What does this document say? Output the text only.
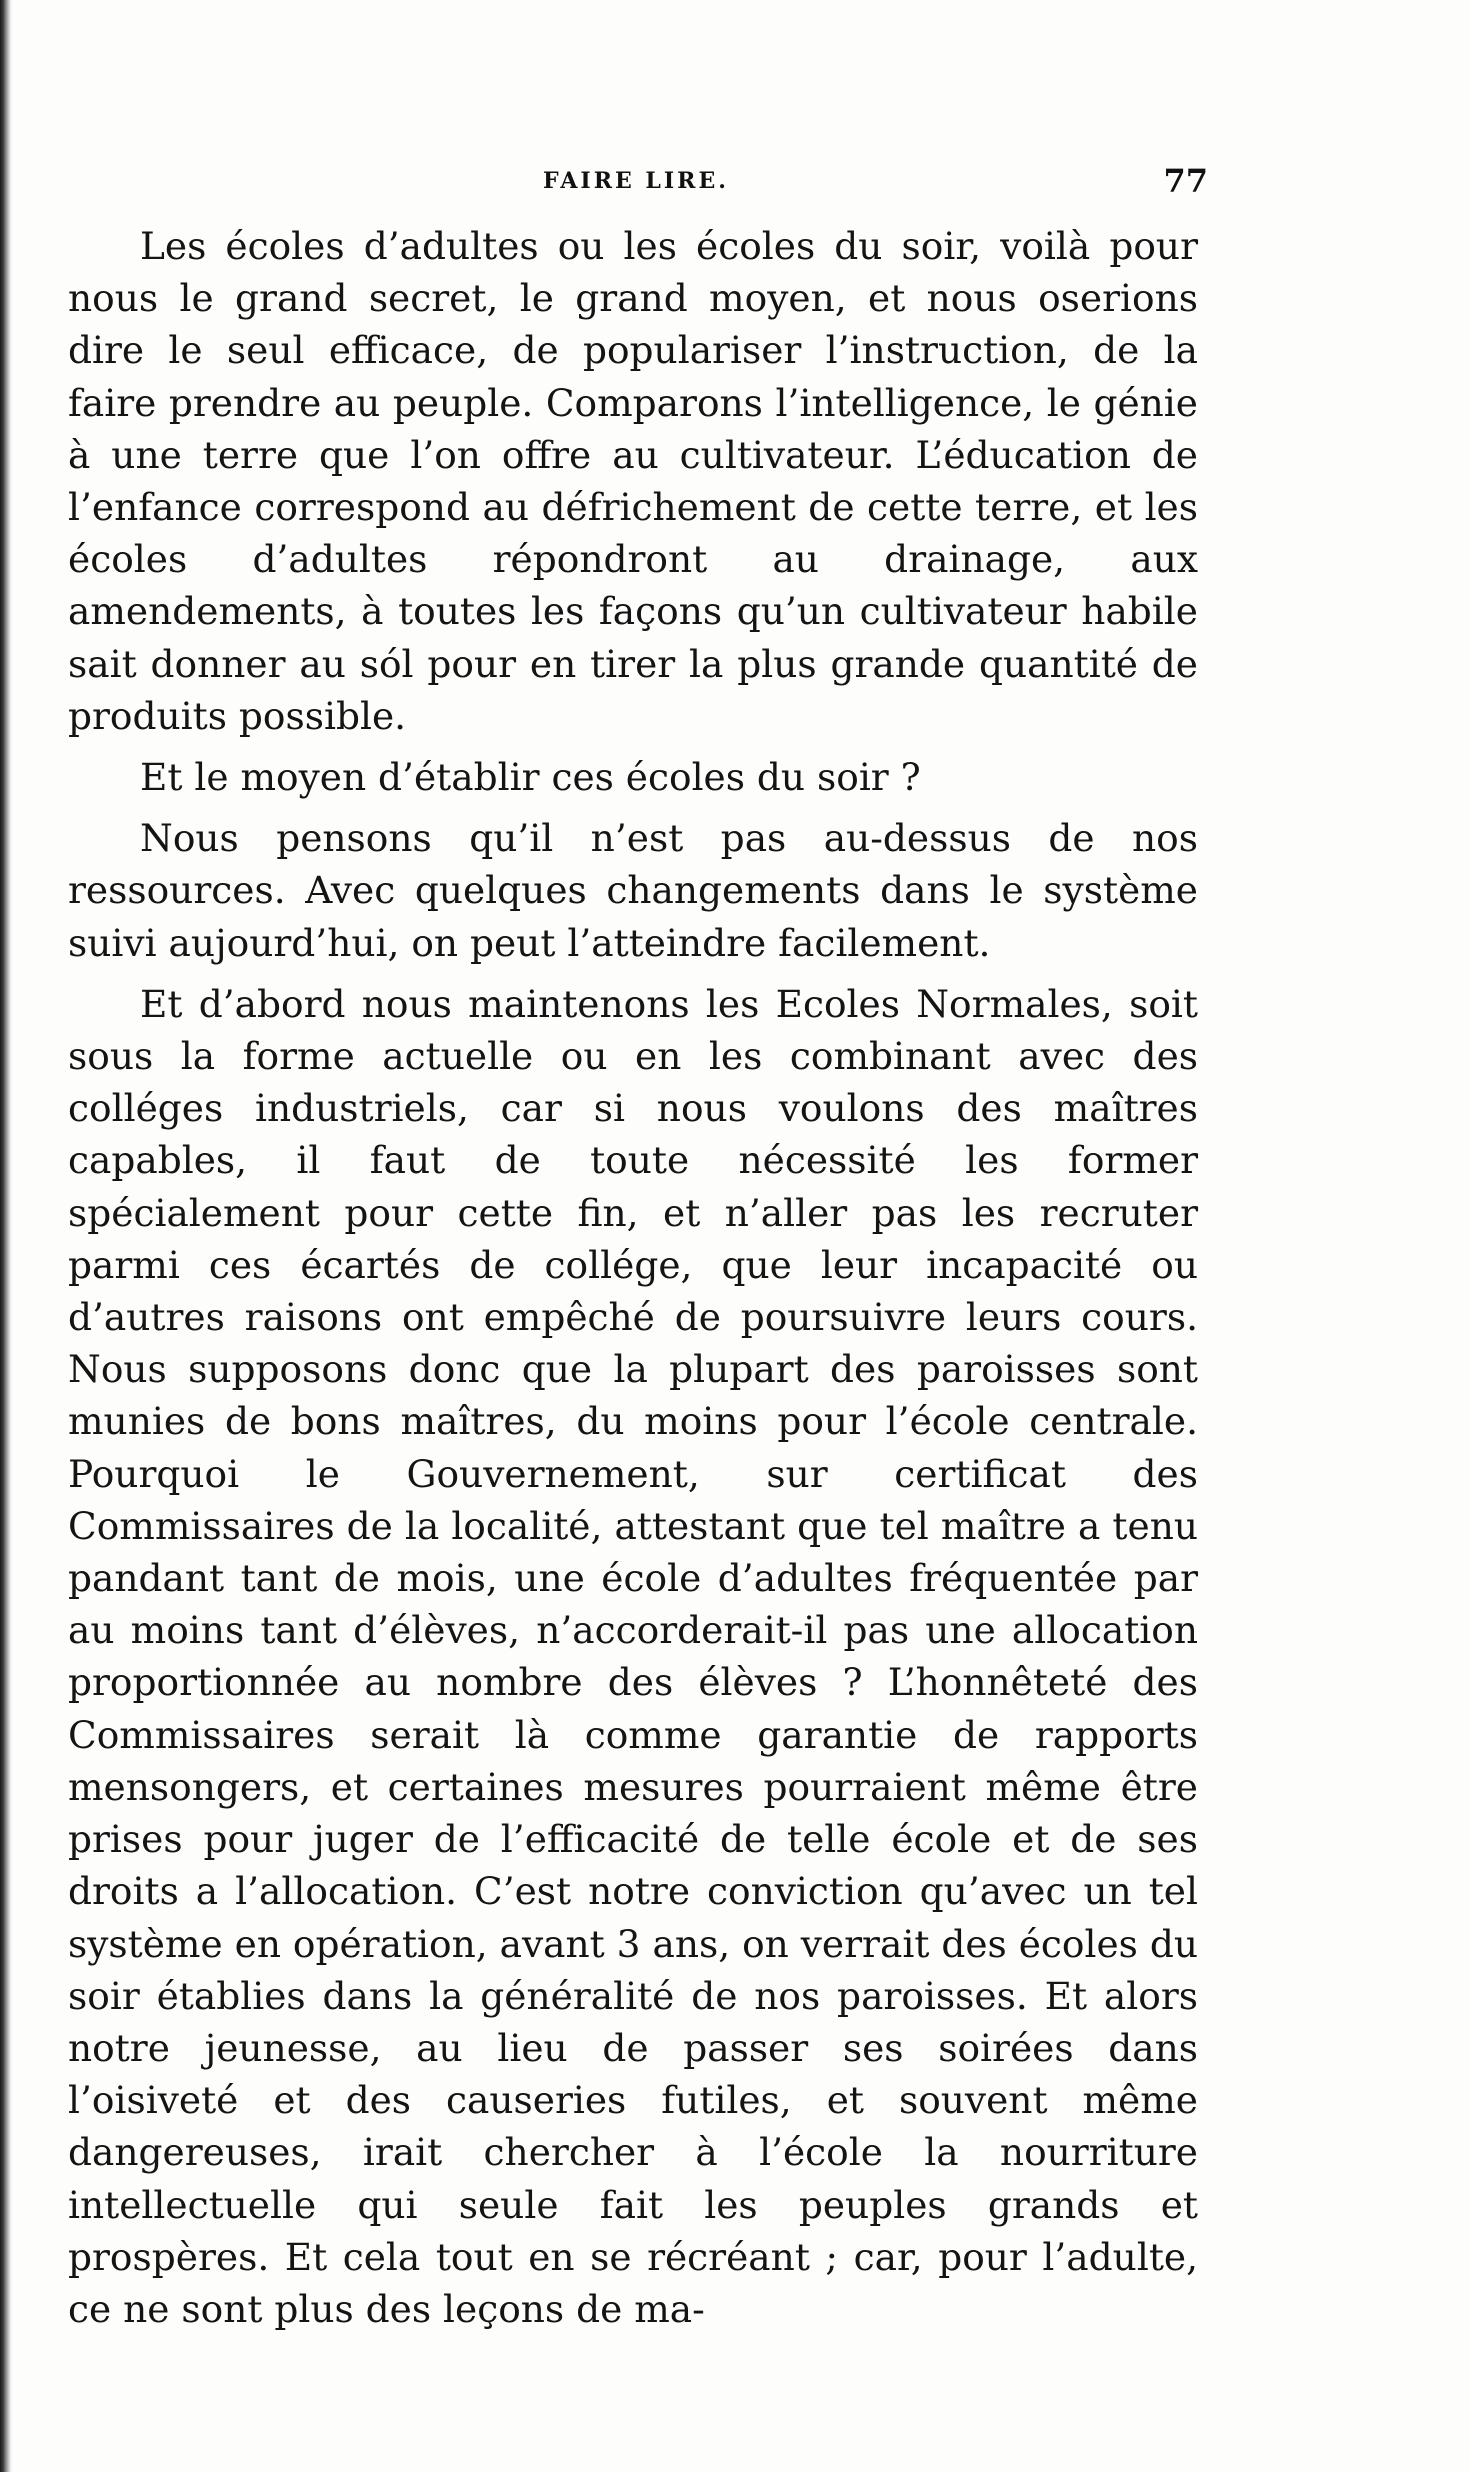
FAIRE LIRE.	77

Les écoles d’adultes ou les écoles du soir, voilà pour nous le grand secret, le grand moyen, et nous oserions dire le seul efficace, de populariser l’instruction, de la faire prendre au peuple. Comparons l’intelligence, le génie à une terre que l’on offre au cultivateur. L’éducation de l’enfance correspond au défrichement de cette terre, et les écoles d’adultes répondront au drainage, aux amendements, à toutes les façons qu’un cultivateur habile sait donner au sól pour en tirer la plus grande quantité de produits possible.

Et le moyen d’établir ces écoles du soir ?

Nous pensons qu’il n’est pas au-dessus de nos ressources. Avec quelques changements dans le système suivi aujourd’hui, on peut l’atteindre facilement.

Et d’abord nous maintenons les Ecoles Normales, soit sous la forme actuelle ou en les combinant avec des colléges industriels, car si nous voulons des maîtres capables, il faut de toute nécessité les former spécialement pour cette fin, et n’aller pas les recruter parmi ces écartés de collége, que leur incapacité ou d’autres raisons ont empêché de poursuivre leurs cours. Nous supposons donc que la plupart des paroisses sont munies de bons maîtres, du moins pour l’école centrale. Pourquoi le Gouvernement, sur certificat des Commissaires de la localité, attestant que tel maître a tenu pandant tant de mois, une école d’adultes fréquentée par au moins tant d’élèves, n’accorderait-il pas une allocation proportionnée au nombre des élèves ? L’honnêteté des Commissaires serait là comme garantie de rapports mensongers, et certaines mesures pourraient même être prises pour juger de l’efficacité de telle école et de ses droits a l’allocation. C’est notre conviction qu’avec un tel système en opération, avant 3 ans, on verrait des écoles du soir établies dans la généralité de nos paroisses. Et alors notre jeunesse, au lieu de passer ses soirées dans l’oisiveté et des causeries futiles, et souvent même dangereuses, irait chercher à l’école la nourriture intellectuelle qui seule fait les peuples grands et prospères. Et cela tout en se récréant ; car, pour l’adulte, ce ne sont plus des leçons de ma-
